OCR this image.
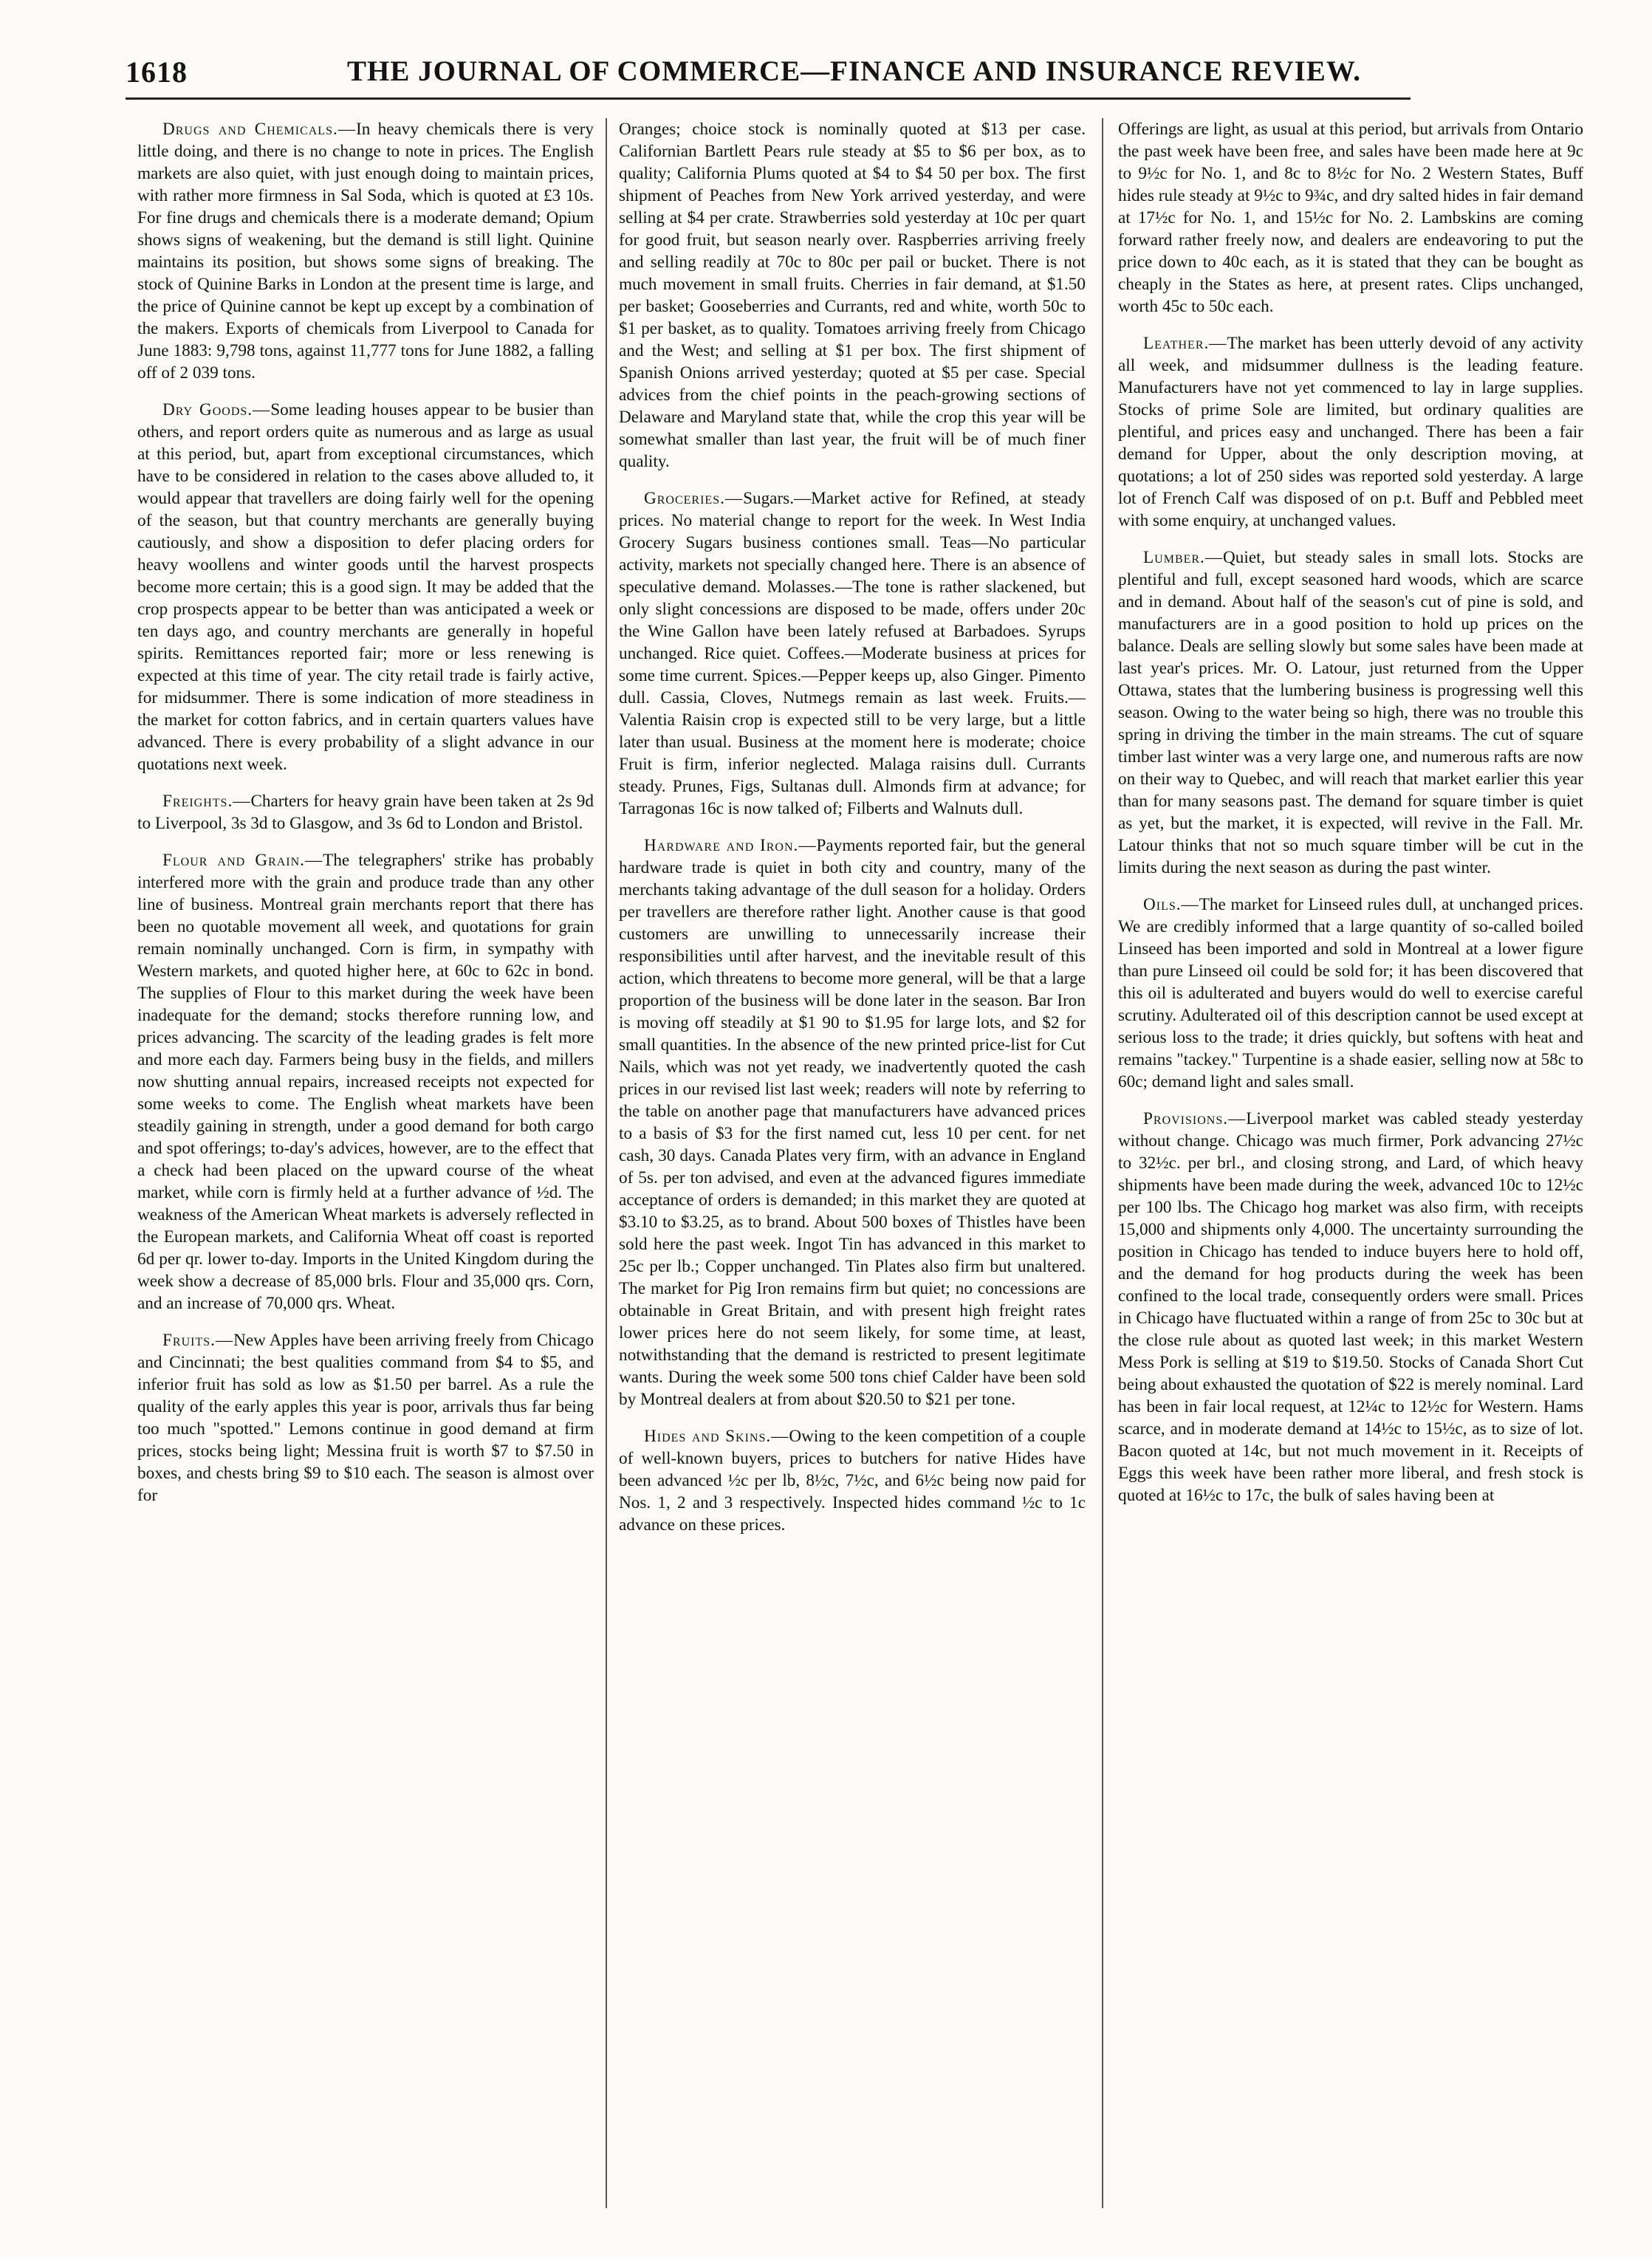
1618	THE JOURNAL OF COMMERCE—FINANCE AND INSURANCE REVIEW.

Drugs and Chemicals.—In heavy chemicals there is very little doing, and there is no change to note in prices. The English markets are also quiet, with just enough doing to maintain prices, with rather more firmness in Sal Soda, which is quoted at £3 10s. For fine drugs and chemicals there is a moderate demand; Opium shows signs of weakening, but the demand is still light. Quinine maintains its position, but shows some signs of breaking. The stock of Quinine Barks in London at the present time is large, and the price of Quinine cannot be kept up except by a combination of the makers. Exports of chemicals from Liverpool to Canada for June 1883: 9,798 tons, against 11,777 tons for June 1882, a falling off of 2 039 tons.

Dry Goods.—Some leading houses appear to be busier than others, and report orders quite as numerous and as large as usual at this period, but, apart from exceptional circumstances, which have to be considered in relation to the cases above alluded to, it would appear that travellers are doing fairly well for the opening of the season, but that country merchants are generally buying cautiously, and show a disposition to defer placing orders for heavy woollens and winter goods until the harvest prospects become more certain; this is a good sign. It may be added that the crop prospects appear to be better than was anticipated a week or ten days ago, and country merchants are generally in hopeful spirits. Remittances reported fair; more or less renewing is expected at this time of year. The city retail trade is fairly active, for midsummer. There is some indication of more steadiness in the market for cotton fabrics, and in certain quarters values have advanced. There is every probability of a slight advance in our quotations next week.

Freights.—Charters for heavy grain have been taken at 2s 9d to Liverpool, 3s 3d to Glasgow, and 3s 6d to London and Bristol.

Flour and Grain.—The telegraphers' strike has probably interfered more with the grain and produce trade than any other line of business. Montreal grain merchants report that there has been no quotable movement all week, and quotations for grain remain nominally unchanged. Corn is firm, in sympathy with Western markets, and quoted higher here, at 60c to 62c in bond. The supplies of Flour to this market during the week have been inadequate for the demand; stocks therefore running low, and prices advancing. The scarcity of the leading grades is felt more and more each day. Farmers being busy in the fields, and millers now shutting annual repairs, increased receipts not expected for some weeks to come. The English wheat markets have been steadily gaining in strength, under a good demand for both cargo and spot offerings; to-day's advices, however, are to the effect that a check had been placed on the upward course of the wheat market, while corn is firmly held at a further advance of ½d. The weakness of the American Wheat markets is adversely reflected in the European markets, and California Wheat off coast is reported 6d per qr. lower to-day. Imports in the United Kingdom during the week show a decrease of 85,000 brls. Flour and 35,000 qrs. Corn, and an increase of 70,000 qrs. Wheat.

Fruits.—New Apples have been arriving freely from Chicago and Cincinnati; the best qualities command from $4 to $5, and inferior fruit has sold as low as $1.50 per barrel. As a rule the quality of the early apples this year is poor, arrivals thus far being too much "spotted." Lemons continue in good demand at firm prices, stocks being light; Messina fruit is worth $7 to $7.50 in boxes, and chests bring $9 to $10 each. The season is almost over for

Oranges; choice stock is nominally quoted at $13 per case. Californian Bartlett Pears rule steady at $5 to $6 per box, as to quality; California Plums quoted at $4 to $4 50 per box. The first shipment of Peaches from New York arrived yesterday, and were selling at $4 per crate. Strawberries sold yesterday at 10c per quart for good fruit, but season nearly over. Raspberries arriving freely and selling readily at 70c to 80c per pail or bucket. There is not much movement in small fruits. Cherries in fair demand, at $1.50 per basket; Gooseberries and Currants, red and white, worth 50c to $1 per basket, as to quality. Tomatoes arriving freely from Chicago and the West; and selling at $1 per box. The first shipment of Spanish Onions arrived yesterday; quoted at $5 per case. Special advices from the chief points in the peach-growing sections of Delaware and Maryland state that, while the crop this year will be somewhat smaller than last year, the fruit will be of much finer quality.

Groceries.—Sugars.—Market active for Refined, at steady prices. No material change to report for the week. In West India Grocery Sugars business contiones small. Teas—No particular activity, markets not specially changed here. There is an absence of speculative demand. Molasses.—The tone is rather slackened, but only slight concessions are disposed to be made, offers under 20c the Wine Gallon have been lately refused at Barbadoes. Syrups unchanged. Rice quiet. Coffees.—Moderate business at prices for some time current. Spices.—Pepper keeps up, also Ginger. Pimento dull. Cassia, Cloves, Nutmegs remain as last week. Fruits.—Valentia Raisin crop is expected still to be very large, but a little later than usual. Business at the moment here is moderate; choice Fruit is firm, inferior neglected. Malaga raisins dull. Currants steady. Prunes, Figs, Sultanas dull. Almonds firm at advance; for Tarragonas 16c is now talked of; Filberts and Walnuts dull.

Hardware and Iron.—Payments reported fair, but the general hardware trade is quiet in both city and country, many of the merchants taking advantage of the dull season for a holiday. Orders per travellers are therefore rather light. Another cause is that good customers are unwilling to unnecessarily increase their responsibilities until after harvest, and the inevitable result of this action, which threatens to become more general, will be that a large proportion of the business will be done later in the season. Bar Iron is moving off steadily at $1 90 to $1.95 for large lots, and $2 for small quantities. In the absence of the new printed price-list for Cut Nails, which was not yet ready, we inadvertently quoted the cash prices in our revised list last week; readers will note by referring to the table on another page that manufacturers have advanced prices to a basis of $3 for the first named cut, less 10 per cent. for net cash, 30 days. Canada Plates very firm, with an advance in England of 5s. per ton advised, and even at the advanced figures immediate acceptance of orders is demanded; in this market they are quoted at $3.10 to $3.25, as to brand. About 500 boxes of Thistles have been sold here the past week. Ingot Tin has advanced in this market to 25c per lb.; Copper unchanged. Tin Plates also firm but unaltered. The market for Pig Iron remains firm but quiet; no concessions are obtainable in Great Britain, and with present high freight rates lower prices here do not seem likely, for some time, at least, notwithstanding that the demand is restricted to present legitimate wants. During the week some 500 tons chief Calder have been sold by Montreal dealers at from about $20.50 to $21 per tone.

Hides and Skins.—Owing to the keen competition of a couple of well-known buyers, prices to butchers for native Hides have been advanced ½c per lb, 8½c, 7½c, and 6½c being now paid for Nos. 1, 2 and 3 respectively. Inspected hides command ½c to 1c advance on these prices.

Offerings are light, as usual at this period, but arrivals from Ontario the past week have been free, and sales have been made here at 9c to 9½c for No. 1, and 8c to 8½c for No. 2 Western States, Buff hides rule steady at 9½c to 9¾c, and dry salted hides in fair demand at 17½c for No. 1, and 15½c for No. 2. Lambskins are coming forward rather freely now, and dealers are endeavoring to put the price down to 40c each, as it is stated that they can be bought as cheaply in the States as here, at present rates. Clips unchanged, worth 45c to 50c each.

Leather.—The market has been utterly devoid of any activity all week, and midsummer dullness is the leading feature. Manufacturers have not yet commenced to lay in large supplies. Stocks of prime Sole are limited, but ordinary qualities are plentiful, and prices easy and unchanged. There has been a fair demand for Upper, about the only description moving, at quotations; a lot of 250 sides was reported sold yesterday. A large lot of French Calf was disposed of on p.t. Buff and Pebbled meet with some enquiry, at unchanged values.

Lumber.—Quiet, but steady sales in small lots. Stocks are plentiful and full, except seasoned hard woods, which are scarce and in demand. About half of the season's cut of pine is sold, and manufacturers are in a good position to hold up prices on the balance. Deals are selling slowly but some sales have been made at last year's prices. Mr. O. Latour, just returned from the Upper Ottawa, states that the lumbering business is progressing well this season. Owing to the water being so high, there was no trouble this spring in driving the timber in the main streams. The cut of square timber last winter was a very large one, and numerous rafts are now on their way to Quebec, and will reach that market earlier this year than for many seasons past. The demand for square timber is quiet as yet, but the market, it is expected, will revive in the Fall. Mr. Latour thinks that not so much square timber will be cut in the limits during the next season as during the past winter.

Oils.—The market for Linseed rules dull, at unchanged prices. We are credibly informed that a large quantity of so-called boiled Linseed has been imported and sold in Montreal at a lower figure than pure Linseed oil could be sold for; it has been discovered that this oil is adulterated and buyers would do well to exercise careful scrutiny. Adulterated oil of this description cannot be used except at serious loss to the trade; it dries quickly, but softens with heat and remains "tackey." Turpentine is a shade easier, selling now at 58c to 60c; demand light and sales small.

Provisions.—Liverpool market was cabled steady yesterday without change. Chicago was much firmer, Pork advancing 27½c to 32½c. per brl., and closing strong, and Lard, of which heavy shipments have been made during the week, advanced 10c to 12½c per 100 lbs. The Chicago hog market was also firm, with receipts 15,000 and shipments only 4,000. The uncertainty surrounding the position in Chicago has tended to induce buyers here to hold off, and the demand for hog products during the week has been confined to the local trade, consequently orders were small. Prices in Chicago have fluctuated within a range of from 25c to 30c but at the close rule about as quoted last week; in this market Western Mess Pork is selling at $19 to $19.50. Stocks of Canada Short Cut being about exhausted the quotation of $22 is merely nominal. Lard has been in fair local request, at 12¼c to 12½c for Western. Hams scarce, and in moderate demand at 14½c to 15½c, as to size of lot. Bacon quoted at 14c, but not much movement in it. Receipts of Eggs this week have been rather more liberal, and fresh stock is quoted at 16½c to 17c, the bulk of sales having been at
